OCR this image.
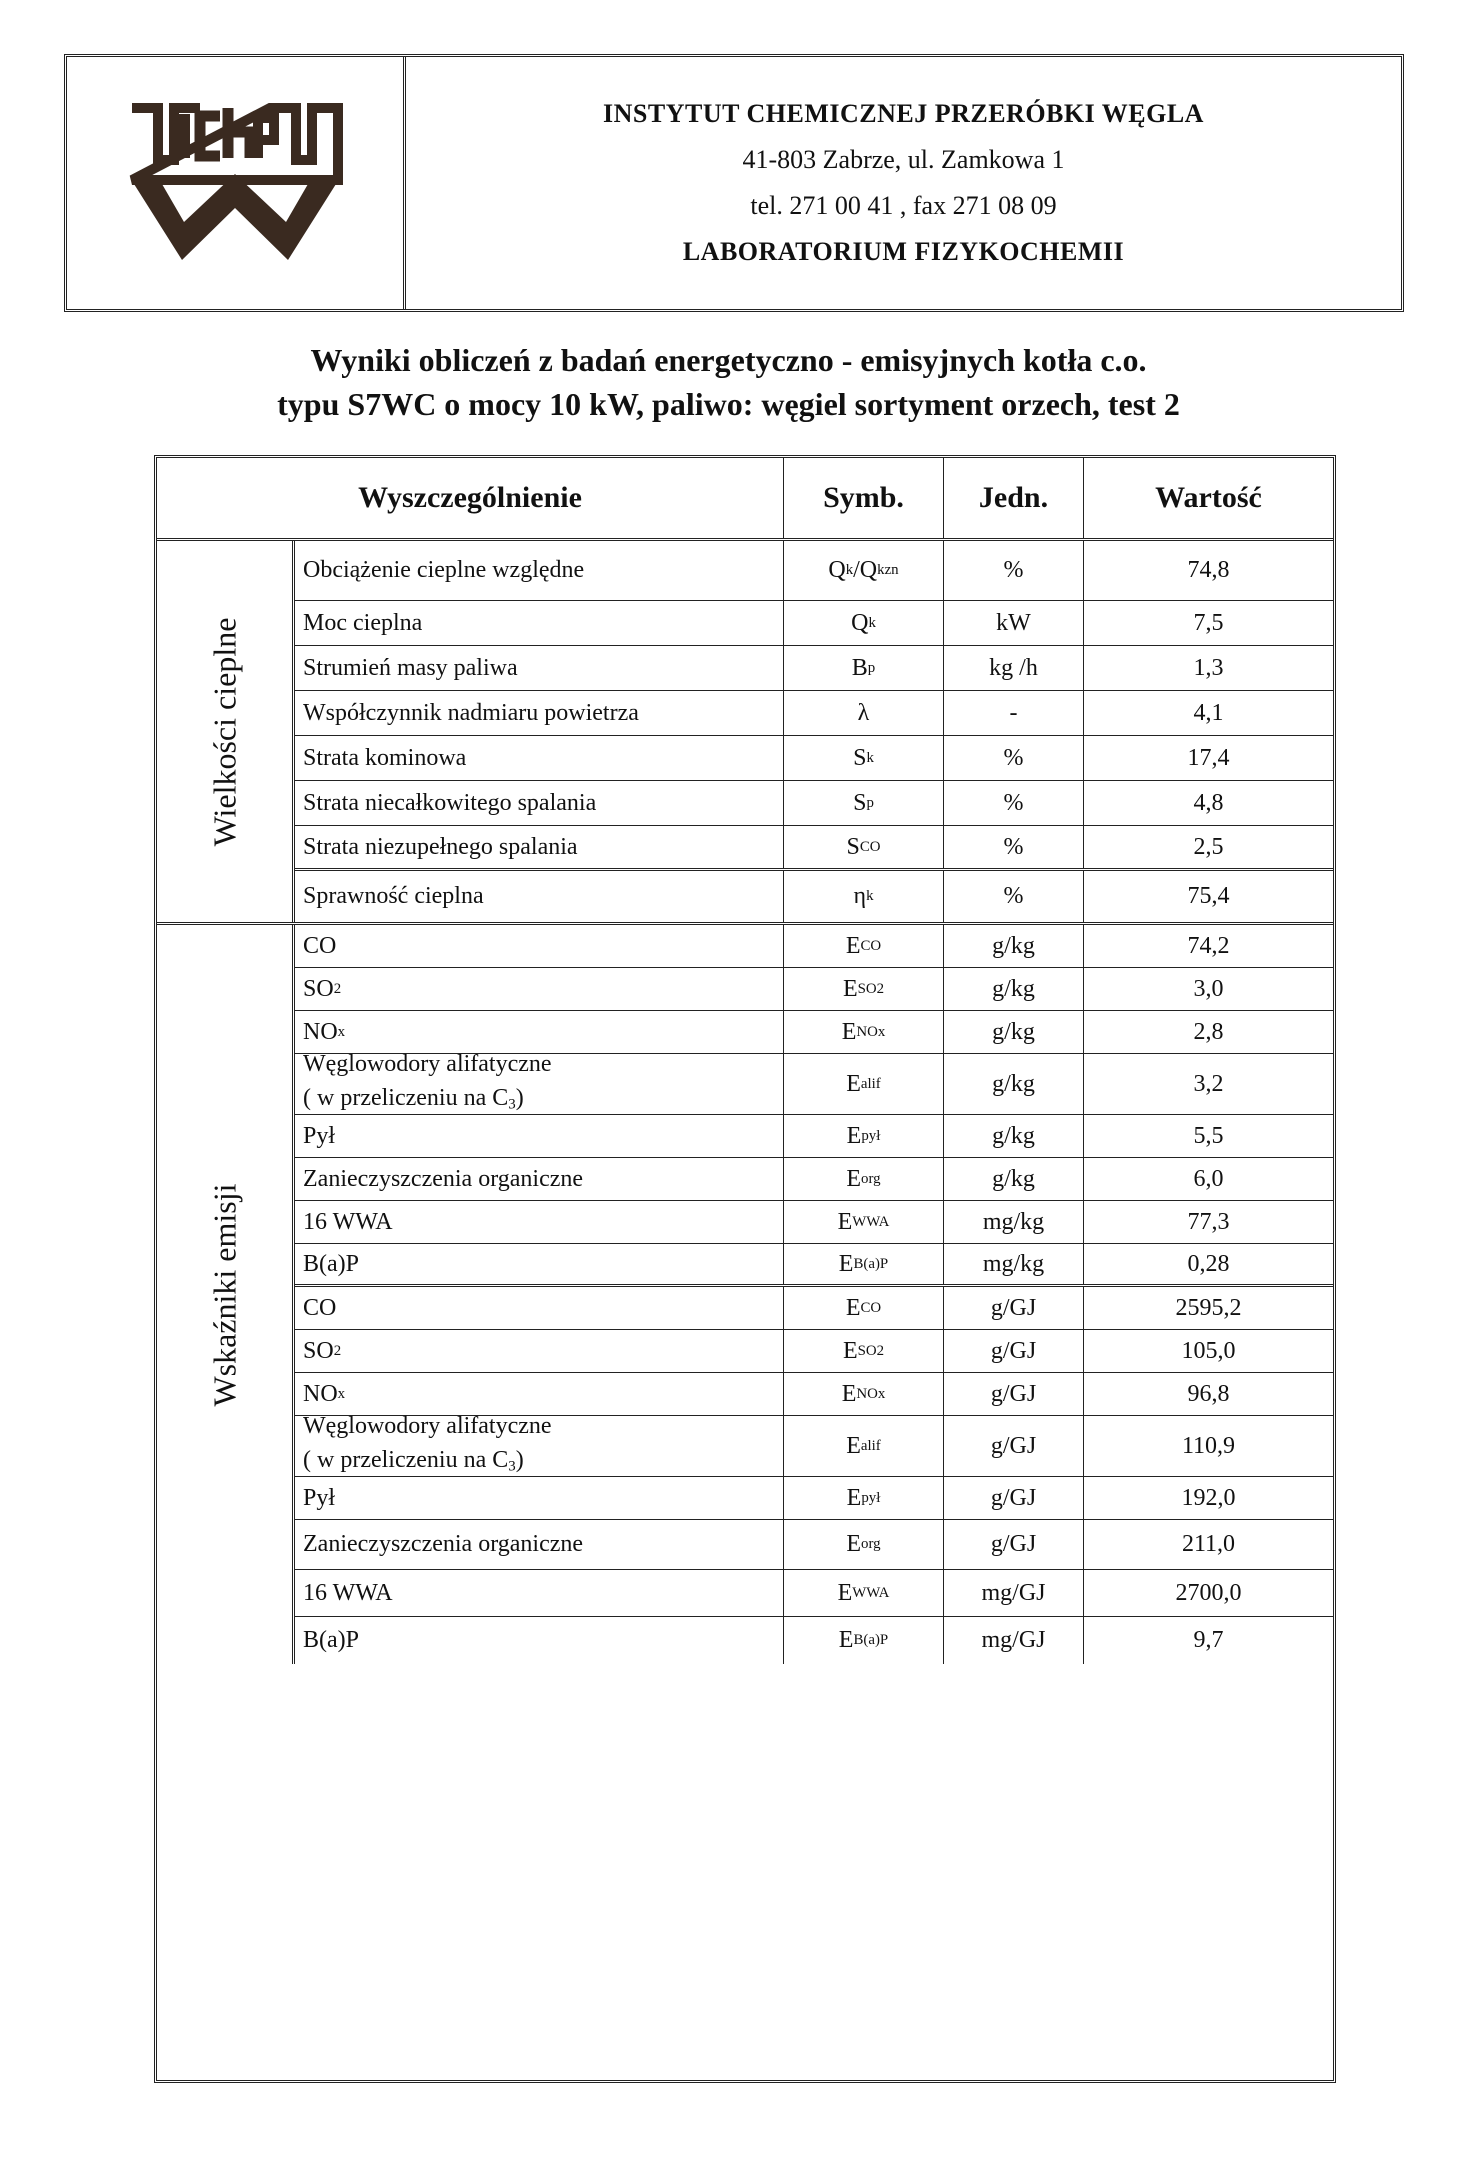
INSTYTUT CHEMICZNEJ PRZERÓBKI WĘGLA
41-803 Zabrze, ul. Zamkowa 1
tel. 271 00 41 , fax 271 08 09
LABORATORIUM FIZYKOCHEMII
Wyniki obliczeń z badań energetyczno - emisyjnych kotła c.o.
typu S7WC o mocy 10 kW, paliwo: węgiel sortyment orzech, test 2
Wyszczególnienie	Symb.	Jedn.	Wartość
Wielkości cieplne
Obciążenie cieplne względne	Q k /Q kzn	%	74,8
Moc cieplna	Q k	kW	7,5
Strumień masy paliwa	B p	kg /h	1,3
Współczynnik nadmiaru powietrza	λ	-	4,1
Strata kominowa	S k	%	17,4
Strata niecałkowitego spalania	S p	%	4,8
Strata niezupełnego spalania	S CO	%	2,5
Sprawność cieplna	η k	%	75,4
Wskaźniki emisji
CO	E CO	g/kg	74,2
SO 2	E SO2	g/kg	3,0
NO x	E NOx	g/kg	2,8
Węglowodory alifatyczne
( w przeliczeniu na $C_3$)
E alif	g/kg	3,2
Pył	E pył	g/kg	5,5
Zanieczyszczenia organiczne	E org	g/kg	6,0
16 WWA	E WWA	mg/kg	77,3
B(a)P	E B(a)P	mg/kg	0,28
CO	E CO	g/GJ	2595,2
SO 2	E SO2	g/GJ	105,0
NO x	E NOx	g/GJ	96,8
Węglowodory alifatyczne
( w przeliczeniu na $C_3$)
E alif	g/GJ	110,9
Pył	E pył	g/GJ	192,0
Zanieczyszczenia organiczne	E org	g/GJ	211,0
16 WWA	E WWA	mg/GJ	2700,0
B(a)P	E B(a)P	mg/GJ	9,7
